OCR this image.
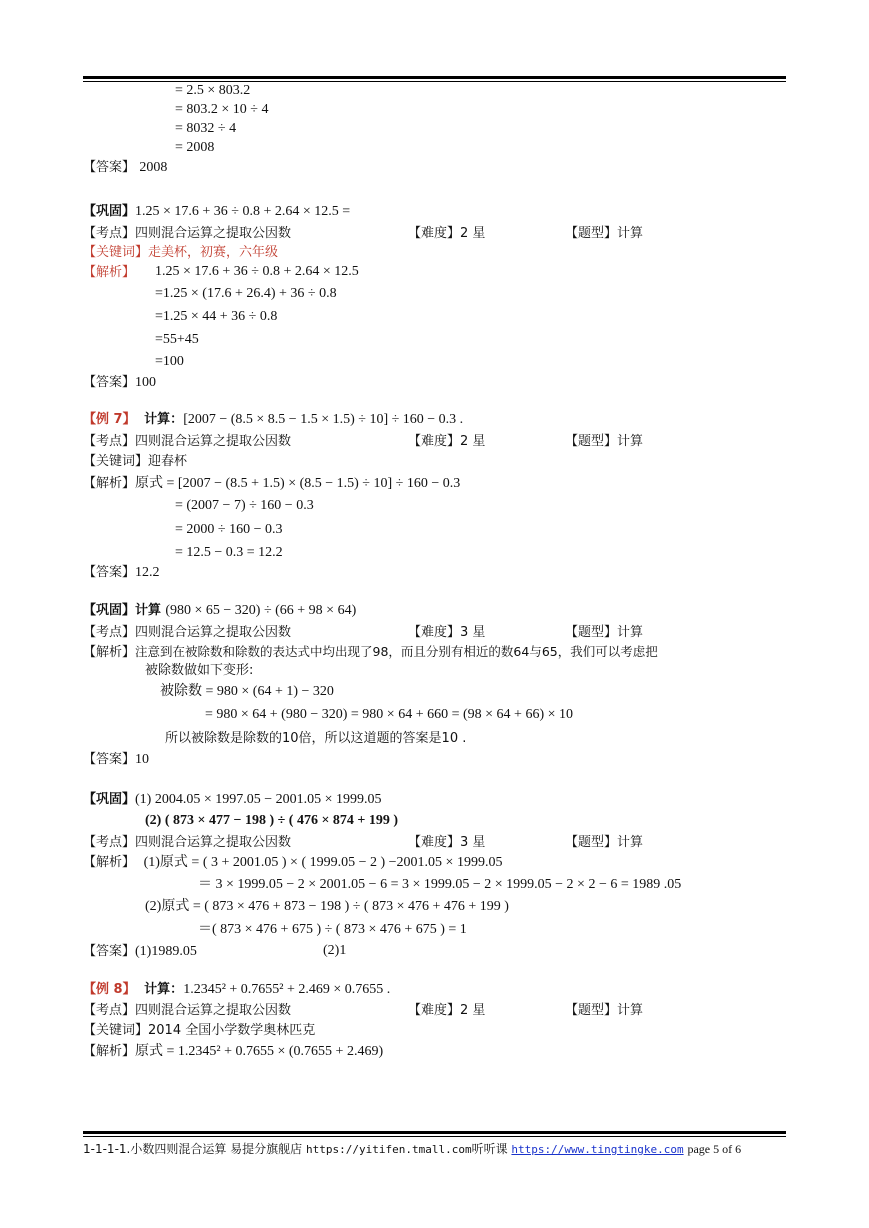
= 2.5 × 803.2
= 803.2 × 10 ÷ 4
= 8032 ÷ 4
= 2008
【答案】 2008
【巩固】1.25 × 17.6 + 36 ÷ 0.8 + 2.64 × 12.5 =
【考点】四则混合运算之提取公因数	【难度】2 星	【题型】计算
【关键词】走美杯，初赛，六年级
【解析】 1.25 × 17.6 + 36 ÷ 0.8 + 2.64 × 12.5
=1.25 × (17.6 + 26.4) + 36 ÷ 0.8
=1.25 × 44 + 36 ÷ 0.8
=55+45
=100
【答案】100
【例 7】 计算：[2007 − (8.5 × 8.5 − 1.5 × 1.5) ÷ 10] ÷ 160 − 0.3 .
【考点】四则混合运算之提取公因数	【难度】2 星	【题型】计算
【关键词】迎春杯
【解析】原式 = [2007 − (8.5 + 1.5) × (8.5 − 1.5) ÷ 10] ÷ 160 − 0.3
= (2007 − 7) ÷ 160 − 0.3
= 2000 ÷ 160 − 0.3
= 12.5 − 0.3 = 12.2
【答案】12.2
【巩固】计算 (980 × 65 − 320) ÷ (66 + 98 × 64)
【考点】四则混合运算之提取公因数	【难度】3 星	【题型】计算
【解析】注意到在被除数和除数的表达式中均出现了98，而且分别有相近的数64与65，我们可以考虑把
被除数做如下变形:
被除数 = 980 × (64 + 1) − 320
= 980 × 64 + (980 − 320) = 980 × 64 + 660 = (98 × 64 + 66) × 10
所以被除数是除数的10倍，所以这道题的答案是10 .
【答案】10
【巩固】(1) 2004.05 × 1997.05 − 2001.05 × 1999.05
(2) ( 873 × 477 − 198 ) ÷ ( 476 × 874 + 199 )
【考点】四则混合运算之提取公因数	【难度】3 星	【题型】计算
【解析】 (1)原式 = ( 3 + 2001.05 ) × ( 1999.05 − 2 ) −2001.05 × 1999.05
＝ 3 × 1999.05 − 2 × 2001.05 − 6 = 3 × 1999.05 − 2 × 1999.05 − 2 × 2 − 6 = 1989 .05
(2)原式 = ( 873 × 476 + 873 − 198 ) ÷ ( 873 × 476 + 476 + 199 )
＝( 873 × 476 + 675 ) ÷ ( 873 × 476 + 675 ) = 1
【答案】(1)1989.05	(2)1
【例 8】 计算：1.2345² + 0.7655² + 2.469 × 0.7655 .
【考点】四则混合运算之提取公因数	【难度】2 星	【题型】计算
【关键词】2014 全国小学数学奥林匹克
【解析】原式 = 1.2345² + 0.7655 × (0.7655 + 2.469)
1-1-1-1.小数四则混合运算 易提分旗舰店 https://yitifen.tmall.com听听课 https://www.tingtingke.com page 5 of 6
